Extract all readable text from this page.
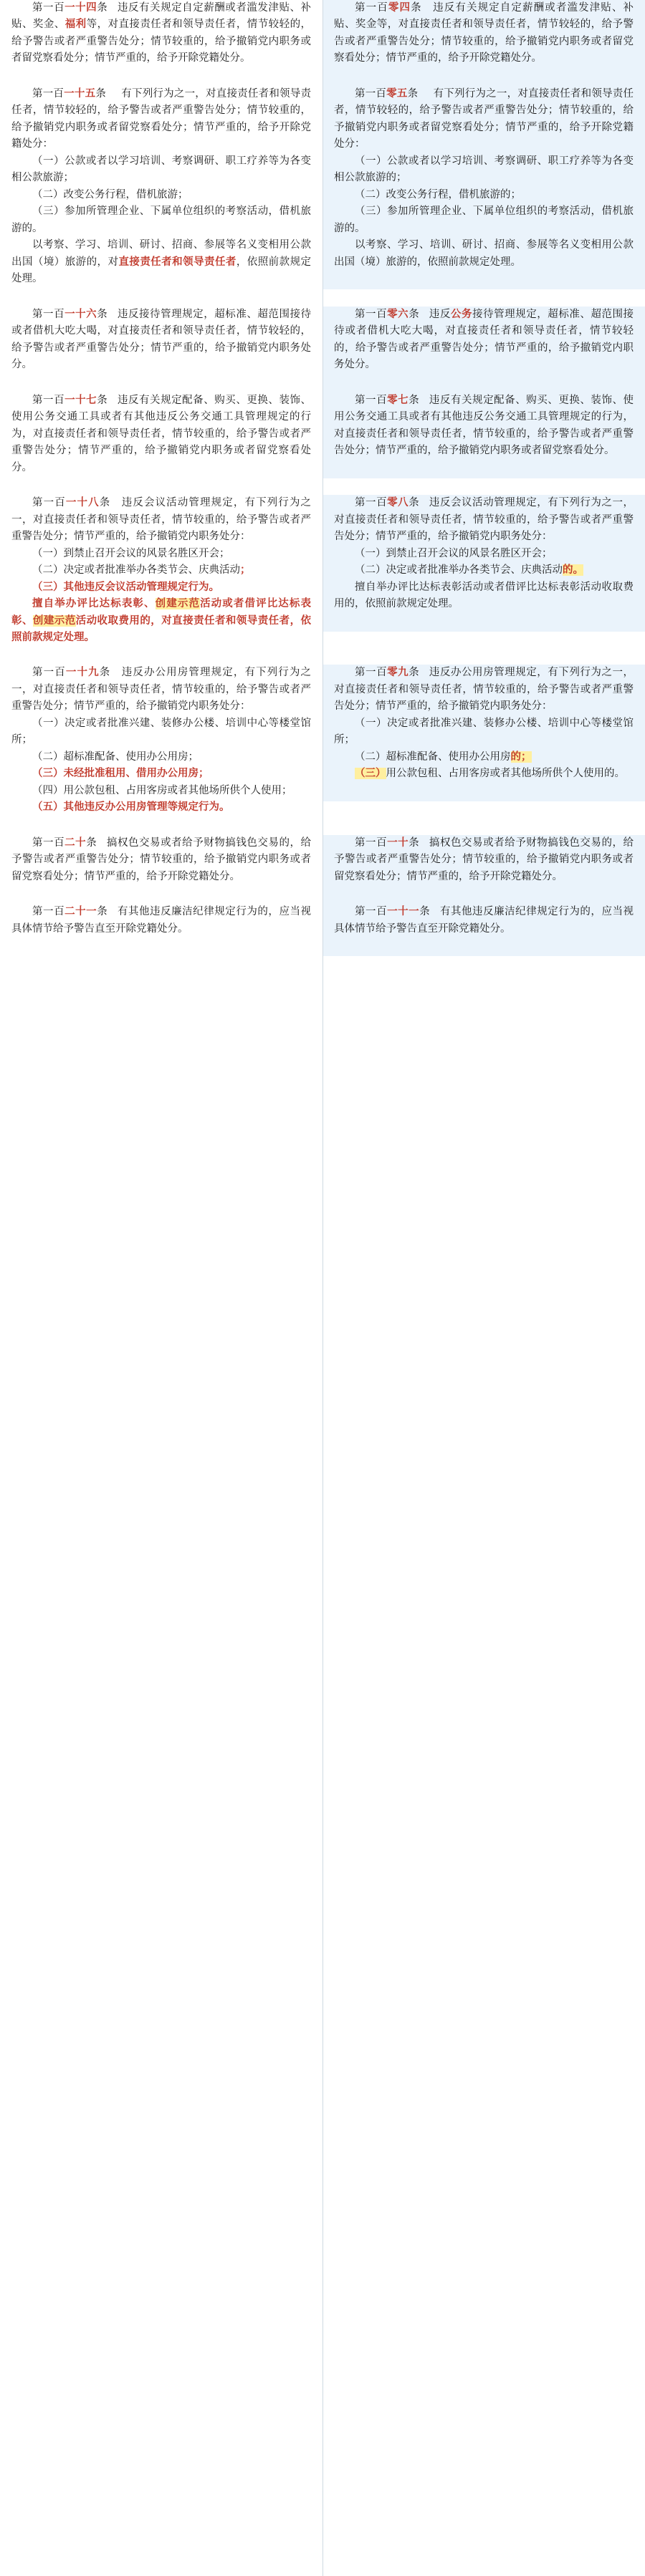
第一百一十四条 违反有关规定自定薪酬或者滥发津贴、补贴、奖金、福利等，对直接责任者和领导责任者，情节较轻的，给予警告或者严重警告处分；情节较重的，给予撤销党内职务或者留党察看处分；情节严重的，给予开除党籍处分。

第一百零四条 违反有关规定自定薪酬或者滥发津贴、补贴、奖金等，对直接责任者和领导责任者，情节较轻的，给予警告或者严重警告处分；情节较重的，给予撤销党内职务或者留党察看处分；情节严重的，给予开除党籍处分。

第一百一十五条 有下列行为之一，对直接责任者和领导责任者，情节较轻的，给予警告或者严重警告处分；情节较重的，给予撤销党内职务或者留党察看处分；情节严重的，给予开除党籍处分：

（一）公款或者以学习培训、考察调研、职工疗养等为各变相公款旅游；

（二）改变公务行程，借机旅游；

（三）参加所管理企业、下属单位组织的考察活动，借机旅游的。

以考察、学习、培训、研讨、招商、参展等名义变相用公款出国（境）旅游的，对直接责任者和领导责任者，依照前款规定处理。

第一百零五条 有下列行为之一，对直接责任者和领导责任者，情节较轻的，给予警告或者严重警告处分；情节较重的，给予撤销党内职务或者留党察看处分；情节严重的，给予开除党籍处分：

（一）公款或者以学习培训、考察调研、职工疗养等为各变相公款旅游的；

（二）改变公务行程，借机旅游的；

（三）参加所管理企业、下属单位组织的考察活动，借机旅游的。

以考察、学习、培训、研讨、招商、参展等名义变相用公款出国（境）旅游的，依照前款规定处理。

第一百一十六条 违反接待管理规定，超标准、超范围接待或者借机大吃大喝，对直接责任者和领导责任者，情节较轻的，给予警告或者严重警告处分；情节严重的，给予撤销党内职务处分。

第一百零六条 违反公务接待管理规定，超标准、超范围接待或者借机大吃大喝，对直接责任者和领导责任者，情节较轻的，给予警告或者严重警告处分；情节严重的，给予撤销党内职务处分。

第一百一十七条 违反有关规定配备、购买、更换、装饰、使用公务交通工具或者有其他违反公务交通工具管理规定的行为，对直接责任者和领导责任者，情节较重的，给予警告或者严重警告处分；情节严重的，给予撤销党内职务或者留党察看处分。

第一百零七条 违反有关规定配备、购买、更换、装饰、使用公务交通工具或者有其他违反公务交通工具管理规定的行为，对直接责任者和领导责任者，情节较重的，给予警告或者严重警告处分；情节严重的，给予撤销党内职务或者留党察看处分。

第一百一十八条 违反会议活动管理规定，有下列行为之一，对直接责任者和领导责任者，情节较重的，给予警告或者严重警告处分；情节严重的，给予撤销党内职务处分：

（一）到禁止召开会议的风景名胜区开会；

（二）决定或者批准举办各类节会、庆典活动；

（三）其他违反会议活动管理规定行为。

擅自举办评比达标表彰、创建示范活动或者借评比达标表彰、创建示范活动收取费用的，对直接责任者和领导责任者，依照前款规定处理。

第一百零八条 违反会议活动管理规定，有下列行为之一，对直接责任者和领导责任者，情节较重的，给予警告或者严重警告处分；情节严重的，给予撤销党内职务处分：

（一）到禁止召开会议的风景名胜区开会；

（二）决定或者批准举办各类节会、庆典活动的。

擅自举办评比达标表彰活动或者借评比达标表彰活动收取费用的，依照前款规定处理。

第一百一十九条 违反办公用房管理规定，有下列行为之一，对直接责任者和领导责任者，情节较重的，给予警告或者严重警告处分；情节严重的，给予撤销党内职务处分：

（一）决定或者批准兴建、装修办公楼、培训中心等楼堂馆所；

（二）超标准配备、使用办公用房；

（三）未经批准租用、借用办公用房；

（四）用公款包租、占用客房或者其他场所供个人使用；

（五）其他违反办公用房管理等规定行为。

第一百零九条 违反办公用房管理规定，有下列行为之一，对直接责任者和领导责任者，情节较重的，给予警告或者严重警告处分；情节严重的，给予撤销党内职务处分：

（一）决定或者批准兴建、装修办公楼、培训中心等楼堂馆所；

（二）超标准配备、使用办公用房的；

（三）用公款包租、占用客房或者其他场所供个人使用的。

第一百二十条 搞权色交易或者给予财物搞钱色交易的，给予警告或者严重警告处分；情节较重的，给予撤销党内职务或者留党察看处分；情节严重的，给予开除党籍处分。

第一百一十条 搞权色交易或者给予财物搞钱色交易的，给予警告或者严重警告处分；情节较重的，给予撤销党内职务或者留党察看处分；情节严重的，给予开除党籍处分。

第一百二十一条 有其他违反廉洁纪律规定行为的，应当视具体情节给予警告直至开除党籍处分。

第一百一十一条 有其他违反廉洁纪律规定行为的，应当视具体情节给予警告直至开除党籍处分。
